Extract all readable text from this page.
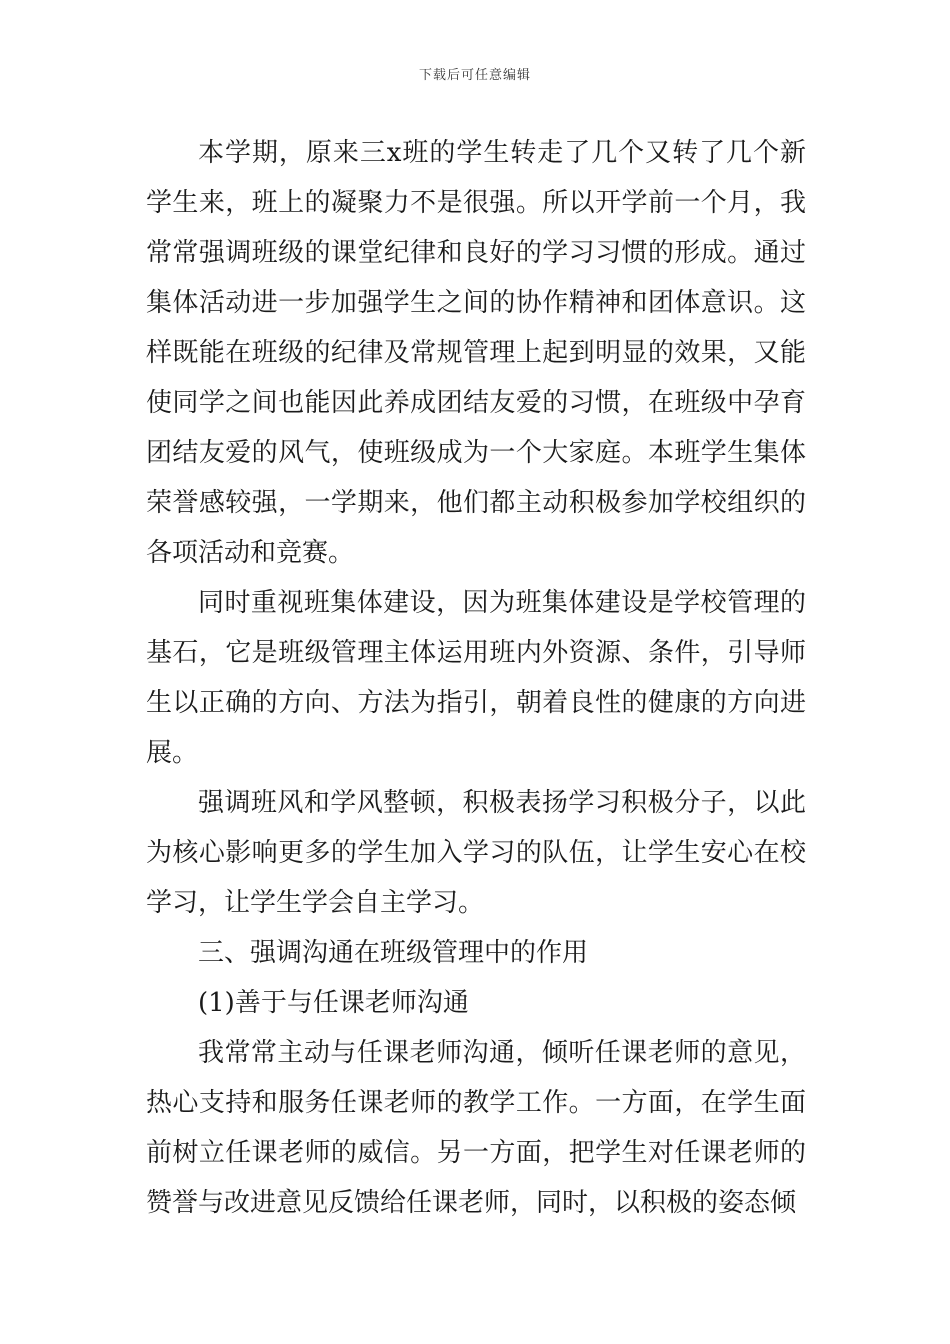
下载后可任意编辑

本学期，原来三x班的学生转走了几个又转了几个新学生来，班上的凝聚力不是很强。所以开学前一个月，我常常强调班级的课堂纪律和良好的学习习惯的形成。通过集体活动进一步加强学生之间的协作精神和团体意识。这样既能在班级的纪律及常规管理上起到明显的效果，又能使同学之间也能因此养成团结友爱的习惯，在班级中孕育团结友爱的风气，使班级成为一个大家庭。本班学生集体荣誉感较强，一学期来，他们都主动积极参加学校组织的各项活动和竞赛。

同时重视班集体建设，因为班集体建设是学校管理的基石，它是班级管理主体运用班内外资源、条件，引导师生以正确的方向、方法为指引，朝着良性的健康的方向进展。

强调班风和学风整顿，积极表扬学习积极分子，以此为核心影响更多的学生加入学习的队伍，让学生安心在校学习，让学生学会自主学习。

三、强调沟通在班级管理中的作用

(1)善于与任课老师沟通

我常常主动与任课老师沟通，倾听任课老师的意见，热心支持和服务任课老师的教学工作。一方面，在学生面前树立任课老师的威信。另一方面，把学生对任课老师的赞誉与改进意见反馈给任课老师，同时，以积极的姿态倾
